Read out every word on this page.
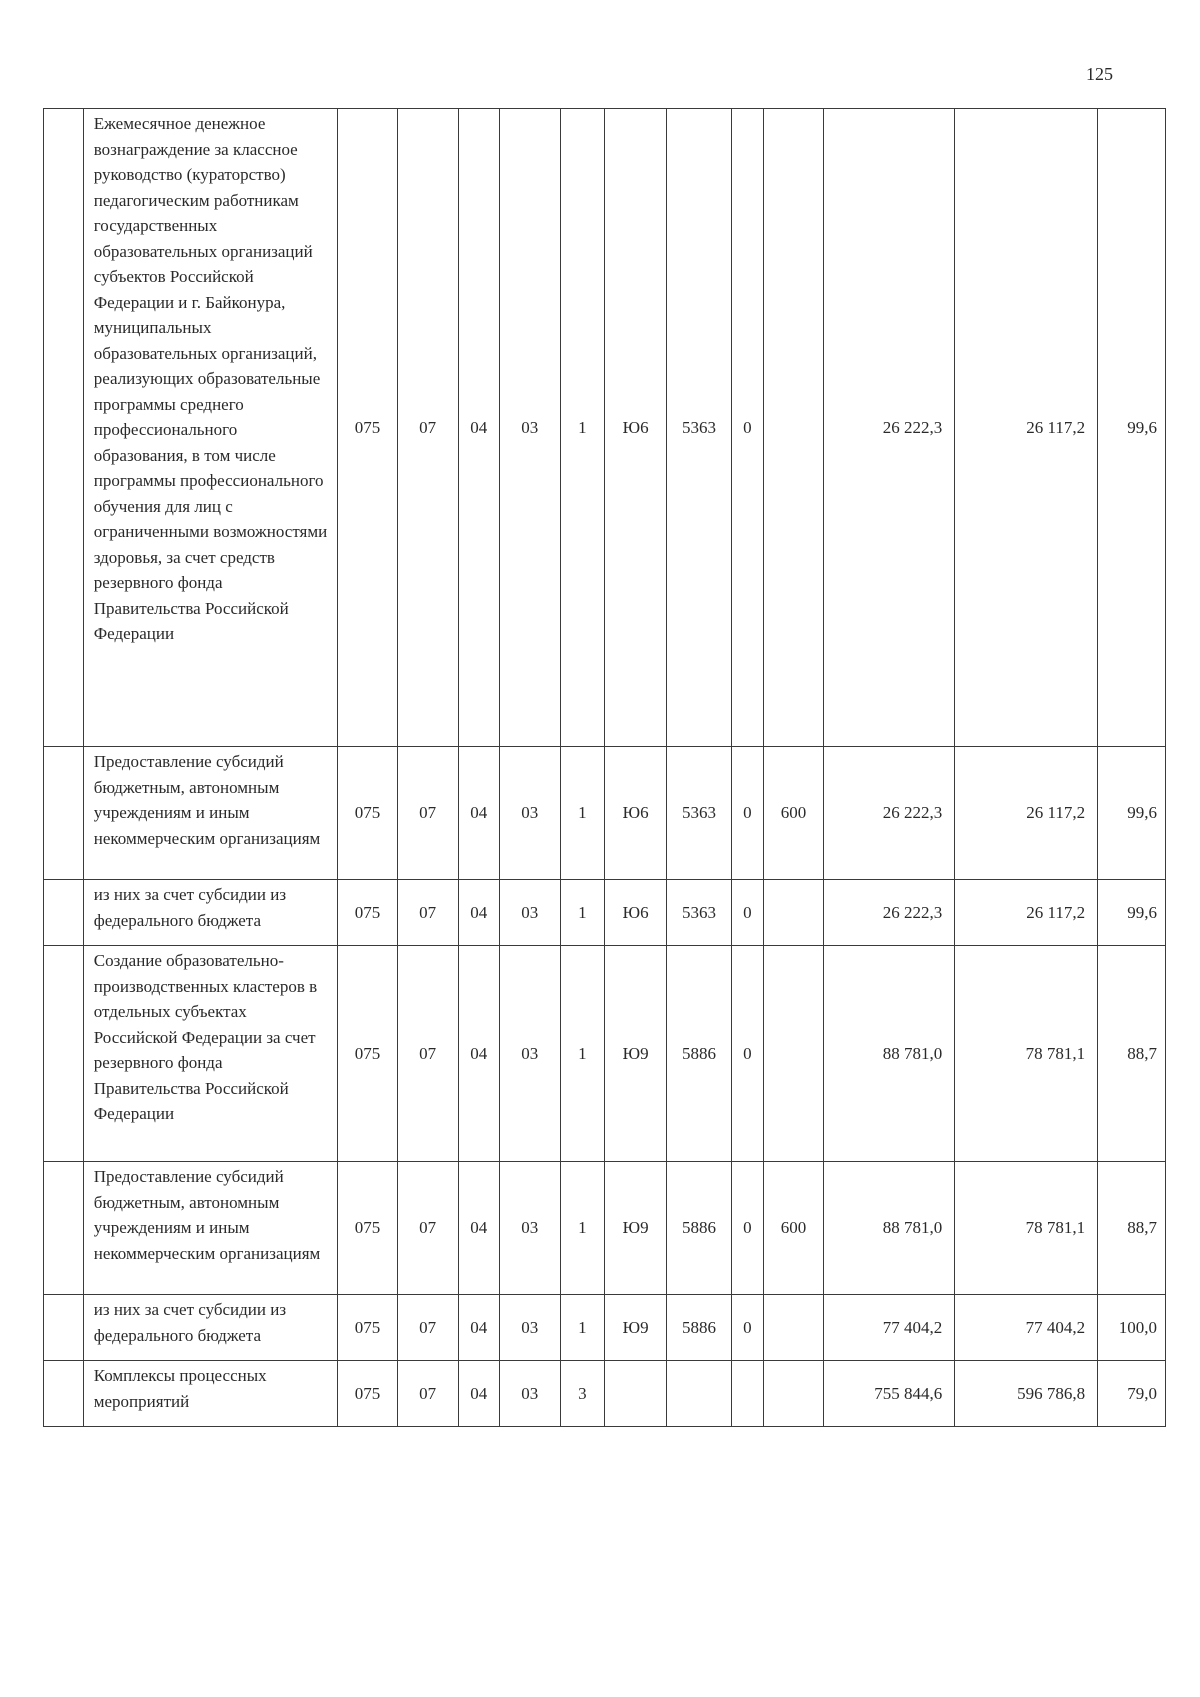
125
	Ежемесячное денежное вознаграждение за классное руководство (кураторство) педагогическим работникам государственных образовательных организаций субъектов Российской Федерации и г. Байконура, муниципальных образовательных организаций, реализующих образовательные программы среднего профессионального образования, в том числе программы профессионального обучения для лиц с ограниченными возможностями здоровья, за счет средств резервного фонда Правительства Российской Федерации	075	07	04	03	1	Ю6	5363	0		26 222,3	26 117,2	99,6
	Предоставление субсидий бюджетным, автономным учреждениям и иным некоммерческим организациям	075	07	04	03	1	Ю6	5363	0	600	26 222,3	26 117,2	99,6
	из них за счет субсидии из федерального бюджета	075	07	04	03	1	Ю6	5363	0		26 222,3	26 117,2	99,6
	Создание образовательно-производственных кластеров в отдельных субъектах Российской Федерации за счет резервного фонда Правительства Российской Федерации	075	07	04	03	1	Ю9	5886	0		88 781,0	78 781,1	88,7
	Предоставление субсидий бюджетным, автономным учреждениям и иным некоммерческим организациям	075	07	04	03	1	Ю9	5886	0	600	88 781,0	78 781,1	88,7
	из них за счет субсидии из федерального бюджета	075	07	04	03	1	Ю9	5886	0		77 404,2	77 404,2	100,0
	Комплексы процессных мероприятий	075	07	04	03	3					755 844,6	596 786,8	79,0
